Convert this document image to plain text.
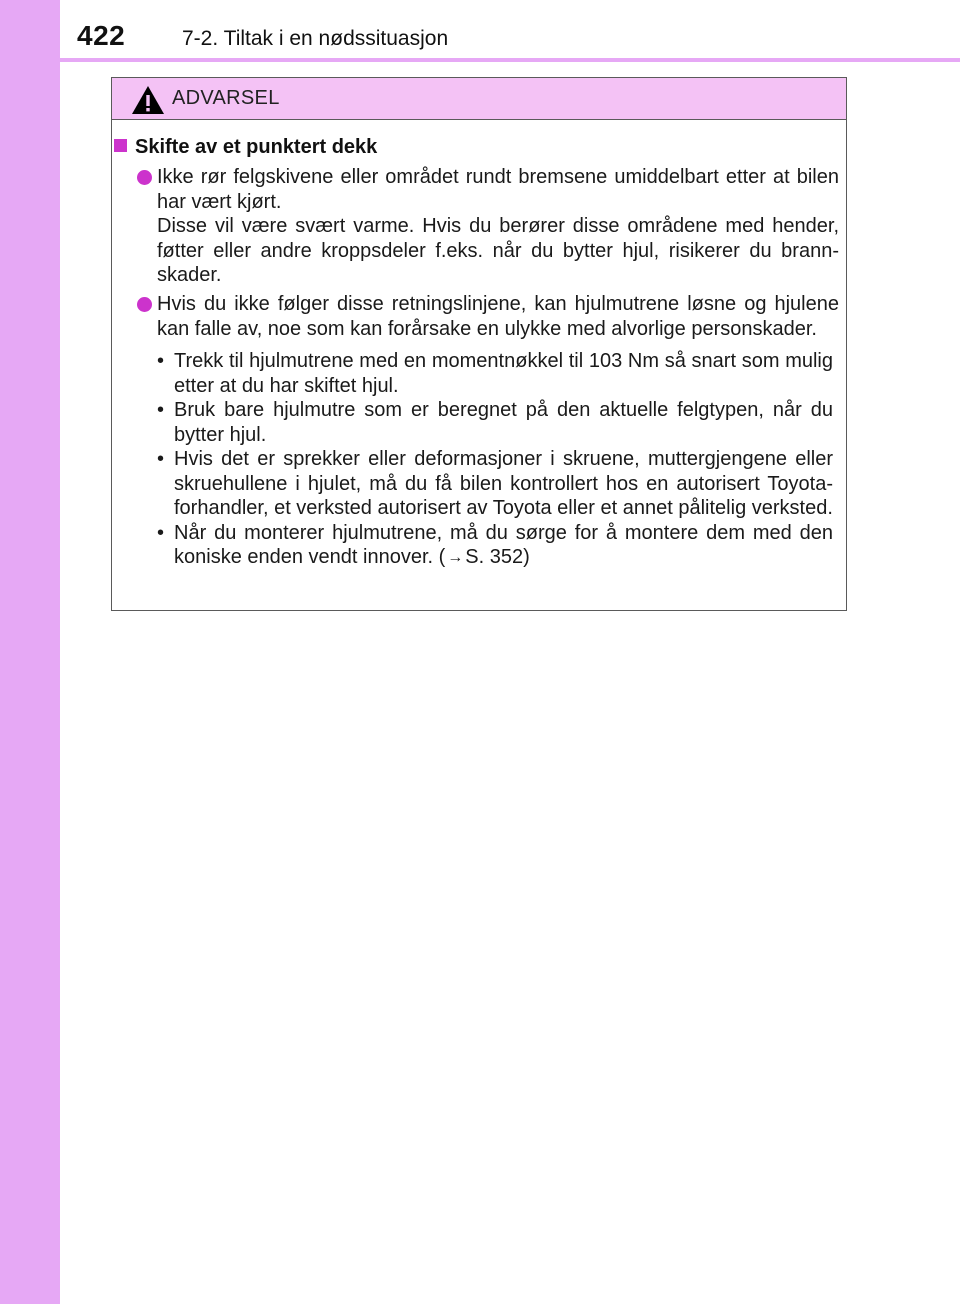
422	7-2. Tiltak i en nødssituasjon
ADVARSEL
Skifte av et punktert dekk
Ikke rør felgskivene eller området rundt bremsene umiddelbart etter at bilen har vært kjørt.
Disse vil være svært varme. Hvis du berører disse områdene med hender, føtter eller andre kroppsdeler f.eks. når du bytter hjul, risikerer du brann-skader.
Hvis du ikke følger disse retningslinjene, kan hjulmutrene løsne og hjulene kan falle av, noe som kan forårsake en ulykke med alvorlige personskader.
• Trekk til hjulmutrene med en momentnøkkel til 103 Nm så snart som mulig etter at du har skiftet hjul.
• Bruk bare hjulmutre som er beregnet på den aktuelle felgtypen, når du bytter hjul.
• Hvis det er sprekker eller deformasjoner i skruene, muttergjengene eller skruehullene i hjulet, må du få bilen kontrollert hos en autorisert Toyota-forhandler, et verksted autorisert av Toyota eller et annet pålitelig verksted.
• Når du monterer hjulmutrene, må du sørge for å montere dem med den koniske enden vendt innover. ( → S. 352)
